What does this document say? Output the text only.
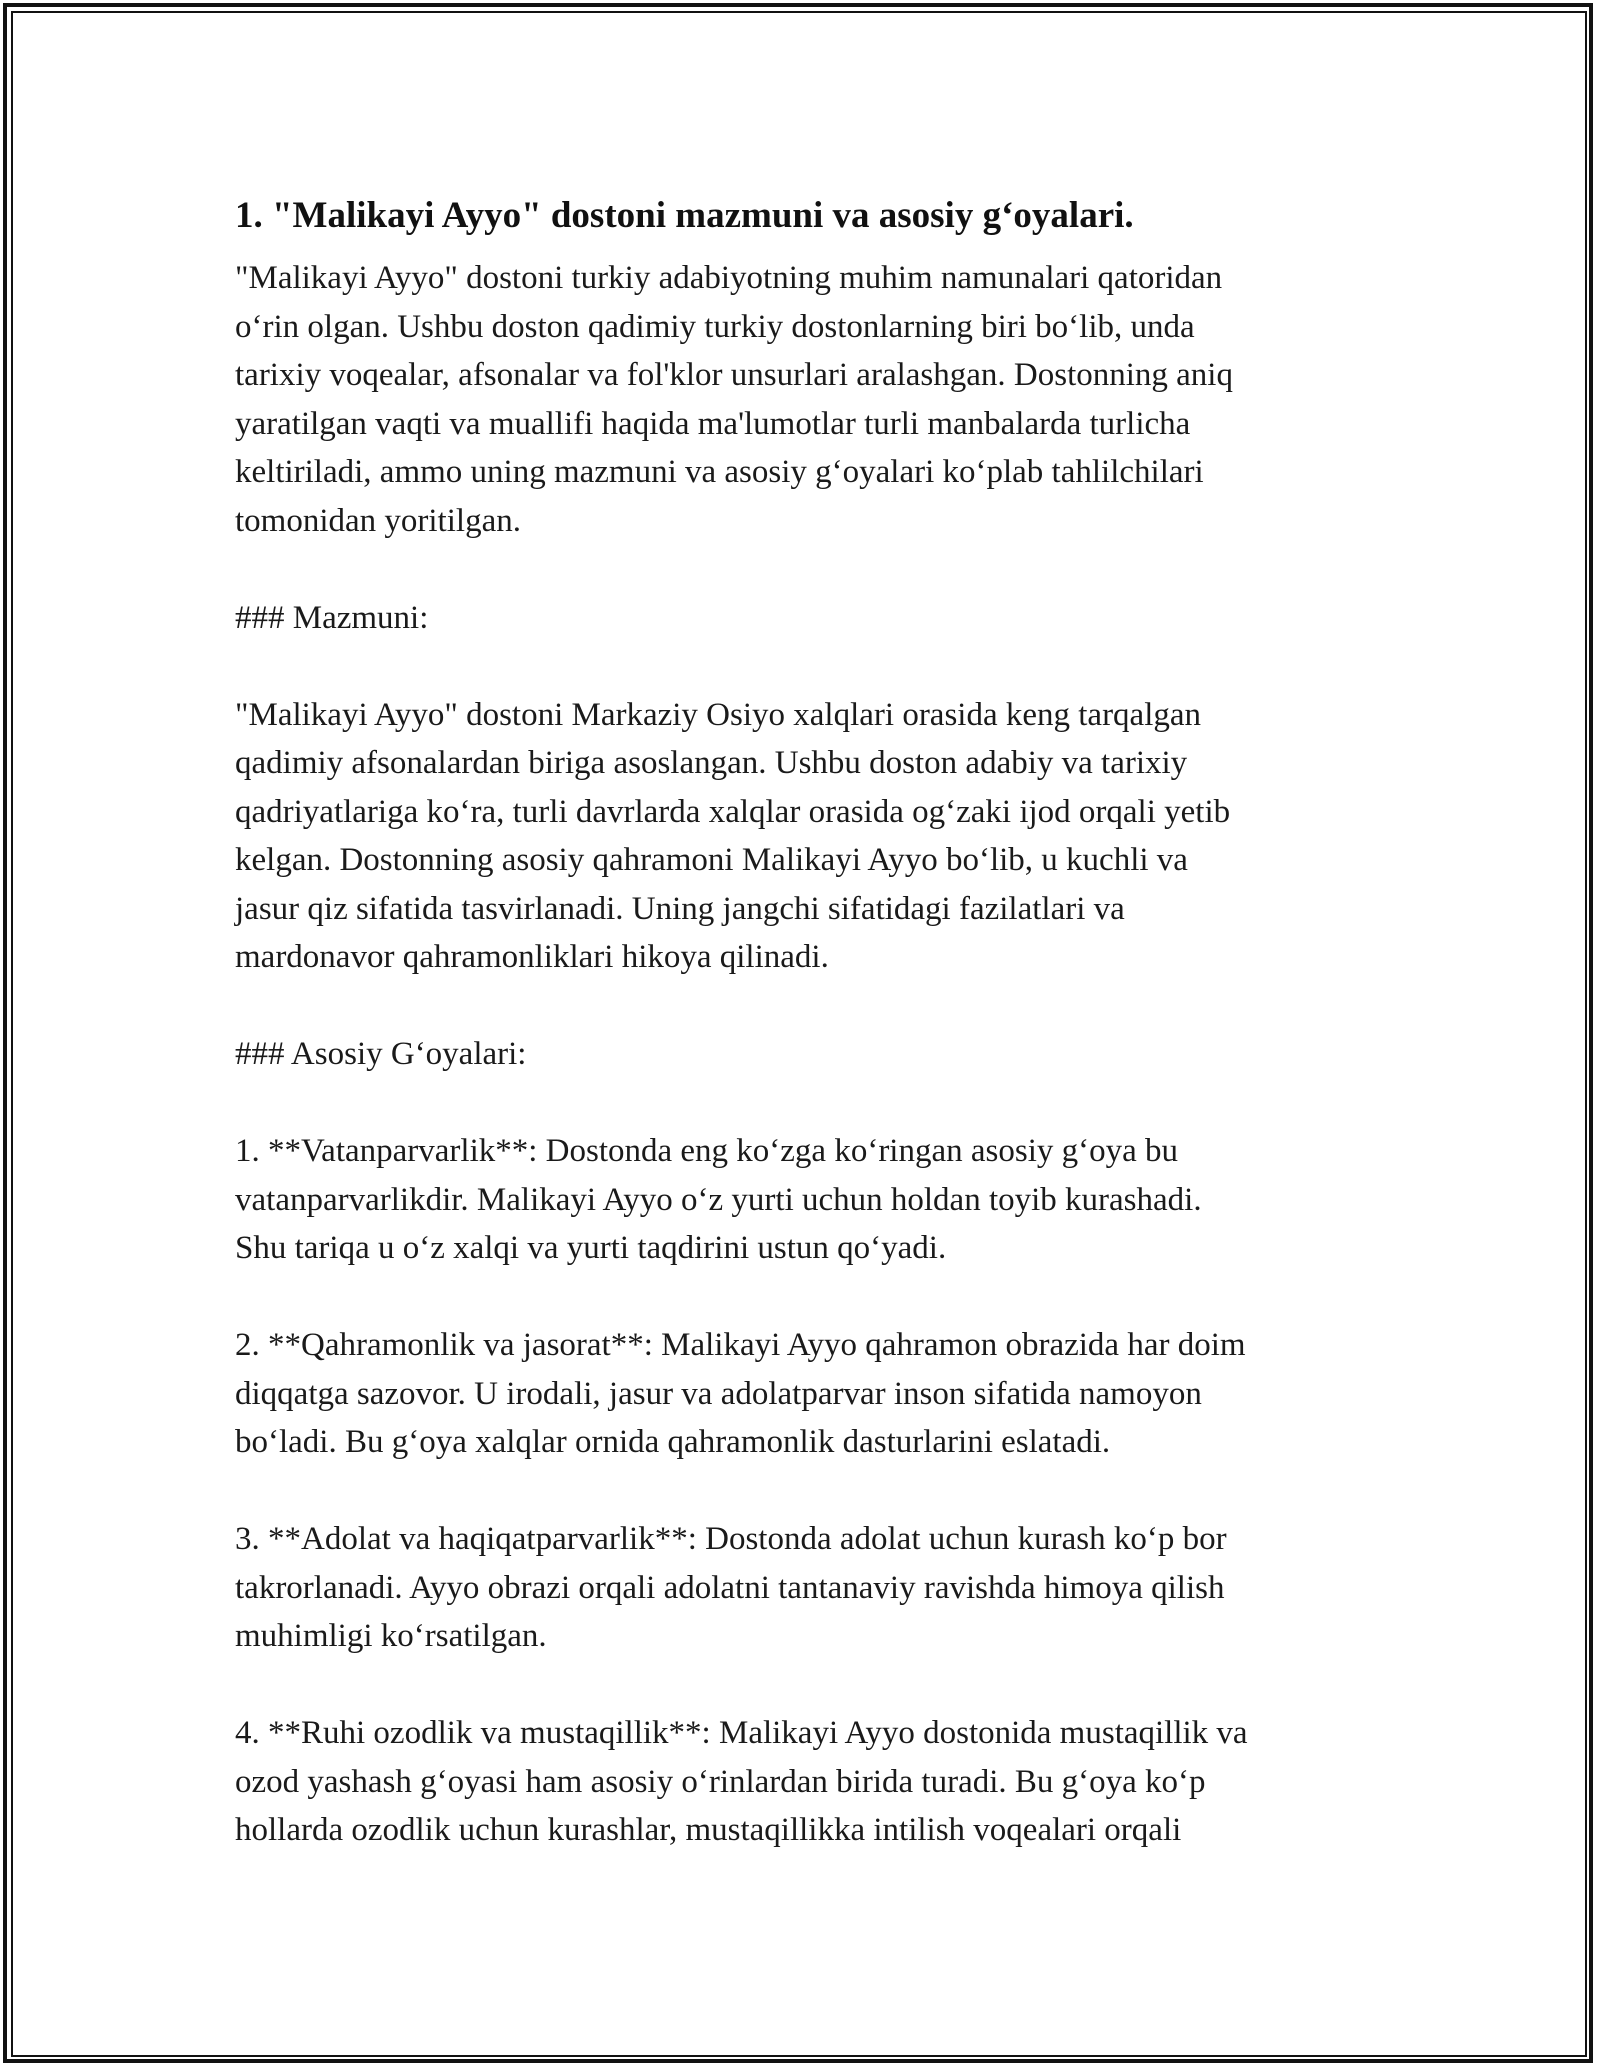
1. "Malikayi Ayyo" dostoni mazmuni va asosiy g‘oyalari.

"Malikayi Ayyo" dostoni turkiy adabiyotning muhim namunalari qatoridan
o‘rin olgan. Ushbu doston qadimiy turkiy dostonlarning biri bo‘lib, unda
tarixiy voqealar, afsonalar va fol'klor unsurlari aralashgan. Dostonning aniq
yaratilgan vaqti va muallifi haqida ma'lumotlar turli manbalarda turlicha
keltiriladi, ammo uning mazmuni va asosiy g‘oyalari ko‘plab tahlilchilari
tomonidan yoritilgan.

### Mazmuni:

"Malikayi Ayyo" dostoni Markaziy Osiyo xalqlari orasida keng tarqalgan
qadimiy afsonalardan biriga asoslangan. Ushbu doston adabiy va tarixiy
qadriyatlariga ko‘ra, turli davrlarda xalqlar orasida og‘zaki ijod orqali yetib
kelgan. Dostonning asosiy qahramoni Malikayi Ayyo bo‘lib, u kuchli va
jasur qiz sifatida tasvirlanadi. Uning jangchi sifatidagi fazilatlari va
mardonavor qahramonliklari hikoya qilinadi.

### Asosiy G‘oyalari:

1. **Vatanparvarlik**: Dostonda eng ko‘zga ko‘ringan asosiy g‘oya bu
vatanparvarlikdir. Malikayi Ayyo o‘z yurti uchun holdan toyib kurashadi.
Shu tariqa u o‘z xalqi va yurti taqdirini ustun qo‘yadi.

2. **Qahramonlik va jasorat**: Malikayi Ayyo qahramon obrazida har doim
diqqatga sazovor. U irodali, jasur va adolatparvar inson sifatida namoyon
bo‘ladi. Bu g‘oya xalqlar ornida qahramonlik dasturlarini eslatadi.

3. **Adolat va haqiqatparvarlik**: Dostonda adolat uchun kurash ko‘p bor
takrorlanadi. Ayyo obrazi orqali adolatni tantanaviy ravishda himoya qilish
muhimligi ko‘rsatilgan.

4. **Ruhi ozodlik va mustaqillik**: Malikayi Ayyo dostonida mustaqillik va
ozod yashash g‘oyasi ham asosiy o‘rinlardan birida turadi. Bu g‘oya ko‘p
hollarda ozodlik uchun kurashlar, mustaqillikka intilish voqealari orqali
